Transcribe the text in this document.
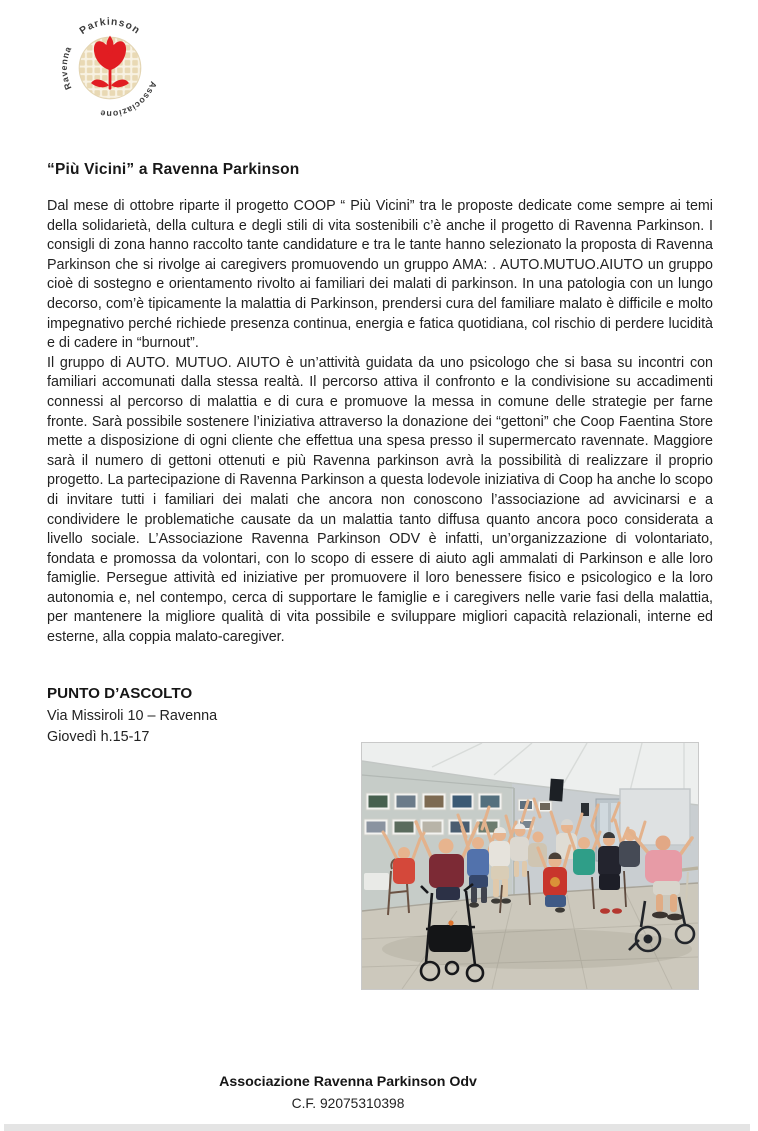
Parkinson
Associazione
Ravenna
“Più Vicini” a Ravenna Parkinson

Dal mese di ottobre riparte il progetto COOP “ Più Vicini” tra le proposte dedicate come sempre ai temi della solidarietà, della cultura e degli stili di vita sostenibili c’è anche il progetto di Ravenna Parkinson. I consigli di zona hanno raccolto tante candidature e tra le tante hanno selezionato la proposta di Ravenna Parkinson che si rivolge ai caregivers promuovendo un gruppo AMA: . AUTO.MUTUO.AIUTO un gruppo cioè di sostegno e orientamento rivolto ai familiari dei malati di parkinson. In una patologia con un lungo decorso, com’è tipicamente la malattia di Parkinson, prendersi cura del familiare malato è difficile e molto impegnativo perché richiede presenza continua, energia e fatica quotidiana, col rischio di perdere lucidità e di cadere in “burnout”.

Il gruppo di AUTO. MUTUO. AIUTO è un’attività guidata da uno psicologo che si basa su incontri con familiari accomunati dalla stessa realtà. Il percorso attiva il confronto e la condivisione su accadimenti connessi al percorso di malattia e di cura e promuove la messa in comune delle strategie per farne fronte. Sarà possibile sostenere l’iniziativa attraverso la donazione dei “gettoni” che Coop Faentina Store mette a disposizione di ogni cliente che effettua una spesa presso il supermercato ravennate. Maggiore sarà il numero di gettoni ottenuti e più Ravenna parkinson avrà la possibilità di realizzare il proprio progetto. La partecipazione di Ravenna Parkinson a questa lodevole iniziativa di Coop ha anche lo scopo di invitare tutti i familiari dei malati che ancora non conoscono l’associazione ad avvicinarsi e a condividere le problematiche causate da un malattia tanto diffusa quanto ancora poco considerata a livello sociale. L’Associazione Ravenna Parkinson ODV è infatti, un’organizzazione di volontariato, fondata e promossa da volontari, con lo scopo di essere di aiuto agli ammalati di Parkinson e alle loro famiglie. Persegue attività ed iniziative per promuovere il loro benessere fisico e psicologico e la loro autonomia e, nel contempo, cerca di supportare le famiglie e i caregivers nelle varie fasi della malattia, per mantenere la migliore qualità di vita possibile e sviluppare migliori capacità relazionali, interne ed esterne, alla coppia malato-caregiver.

PUNTO D’ASCOLTO
Via Missiroli 10 – Ravenna
Giovedì h.15-17
Associazione Ravenna Parkinson Odv
C.F. 92075310398
